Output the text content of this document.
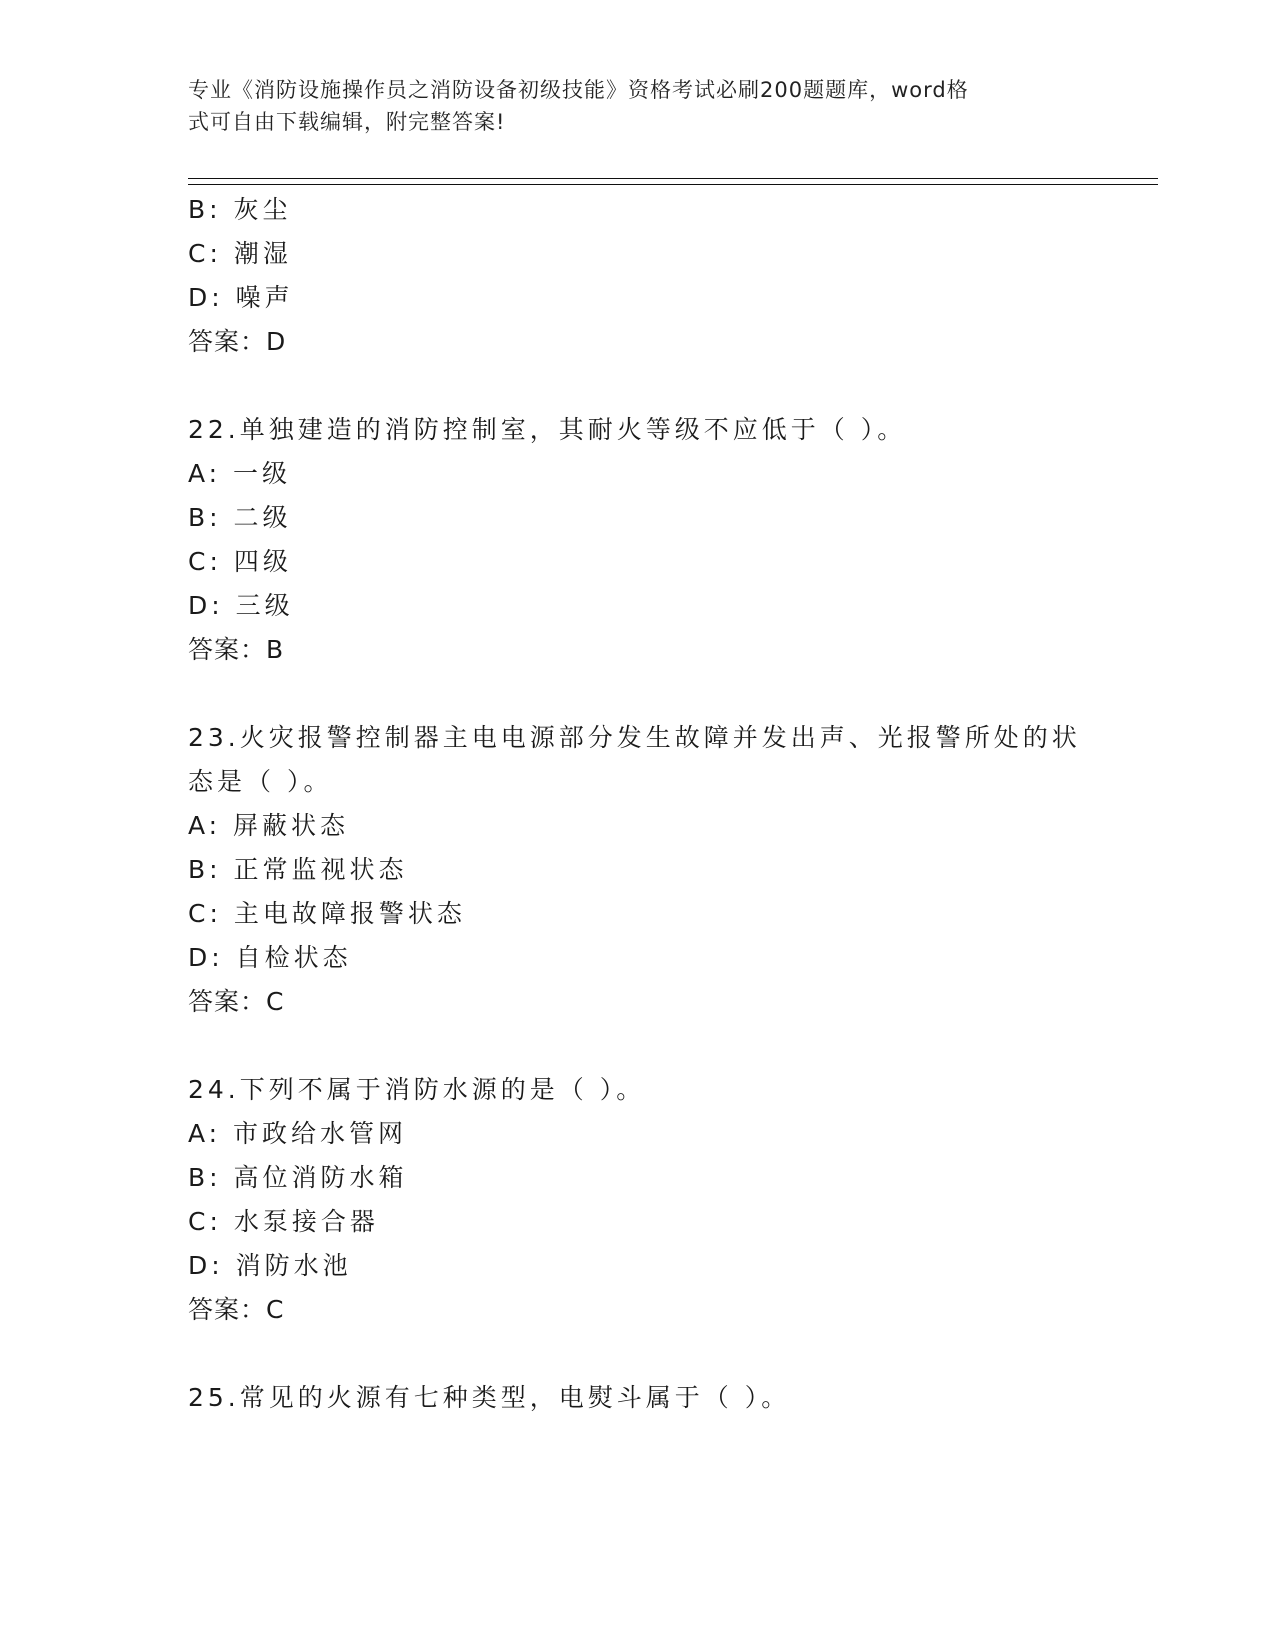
专业《消防设施操作员之消防设备初级技能》资格考试必刷200题题库，word格
式可自由下载编辑，附完整答案!
B: 灰尘
C: 潮湿
D: 噪声
答案：D
22.单独建造的消防控制室，其耐火等级不应低于（ ）。
A: 一级
B: 二级
C: 四级
D: 三级
答案：B
23.火灾报警控制器主电电源部分发生故障并发出声、光报警所处的状
态是（ ）。
A: 屏蔽状态
B: 正常监视状态
C: 主电故障报警状态
D: 自检状态
答案：C
24.下列不属于消防水源的是（ ）。
A: 市政给水管网
B: 高位消防水箱
C: 水泵接合器
D: 消防水池
答案：C
25.常见的火源有七种类型，电熨斗属于（ ）。
